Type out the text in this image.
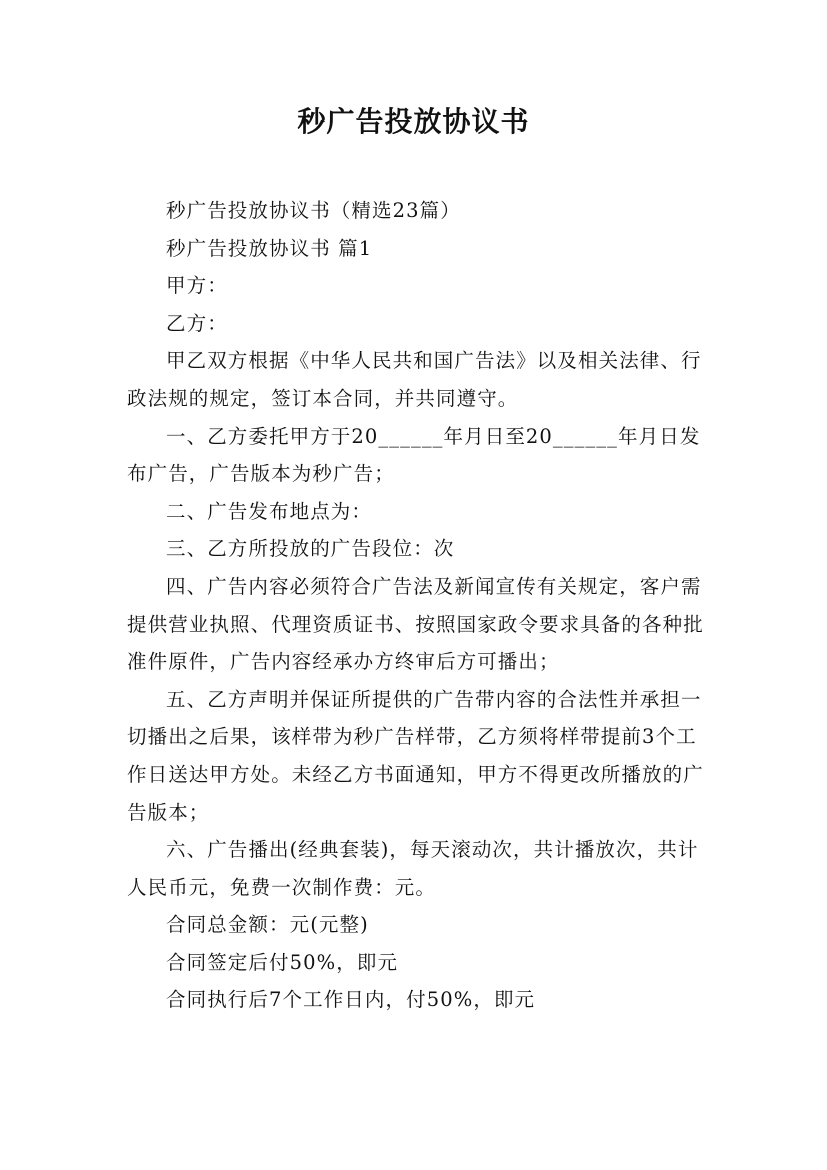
秒广告投放协议书

秒广告投放协议书（精选23篇）

秒广告投放协议书 篇1

甲方：

乙方：

甲乙双方根据《中华人民共和国广告法》以及相关法律、行政法规的规定，签订本合同，并共同遵守。

一、乙方委托甲方于20______年月日至20______年月日发布广告，广告版本为秒广告；

二、广告发布地点为：

三、乙方所投放的广告段位：次

四、广告内容必须符合广告法及新闻宣传有关规定，客户需提供营业执照、代理资质证书、按照国家政令要求具备的各种批准件原件，广告内容经承办方终审后方可播出；

五、乙方声明并保证所提供的广告带内容的合法性并承担一切播出之后果，该样带为秒广告样带，乙方须将样带提前3个工作日送达甲方处。未经乙方书面通知，甲方不得更改所播放的广告版本；

六、广告播出(经典套装)，每天滚动次，共计播放次，共计人民币元，免费一次制作费：元。

合同总金额：元(元整)

合同签定后付50%，即元

合同执行后7个工作日内，付50%，即元
